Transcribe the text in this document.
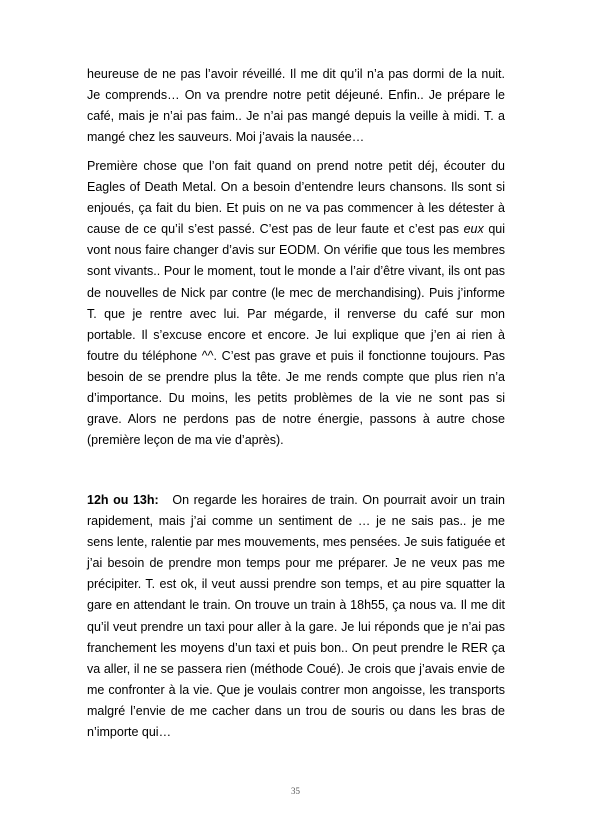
heureuse de ne pas l’avoir réveillé. Il me dit qu’il n’a pas dormi de la nuit. Je comprends… On va prendre notre petit déjeuné. Enfin.. Je prépare le café, mais je n’ai pas faim.. Je n’ai pas mangé depuis la veille à midi. T. a mangé chez les sauveurs. Moi j’avais la nausée…

Première chose que l’on fait quand on prend notre petit déj, écouter du Eagles of Death Metal. On a besoin d’entendre leurs chansons. Ils sont si enjoués, ça fait du bien. Et puis on ne va pas commencer à les détester à cause de ce qu’il s’est passé. C’est pas de leur faute et c’est pas eux qui vont nous faire changer d’avis sur EODM. On vérifie que tous les membres sont vivants.. Pour le moment, tout le monde a l’air d’être vivant, ils ont pas de nouvelles de Nick par contre (le mec de merchandising). Puis j’informe T. que je rentre avec lui. Par mégarde, il renverse du café sur mon portable. Il s’excuse encore et encore. Je lui explique que j’en ai rien à foutre du téléphone ^^. C’est pas grave et puis il fonctionne toujours. Pas besoin de se prendre plus la tête. Je me rends compte que plus rien n’a d’importance. Du moins, les petits problèmes de la vie ne sont pas si grave. Alors ne perdons pas de notre énergie, passons à autre chose (première leçon de ma vie d’après).

12h ou 13h: On regarde les horaires de train. On pourrait avoir un train rapidement, mais j’ai comme un sentiment de … je ne sais pas.. je me sens lente, ralentie par mes mouvements, mes pensées. Je suis fatiguée et j’ai besoin de prendre mon temps pour me préparer. Je ne veux pas me précipiter. T. est ok, il veut aussi prendre son temps, et au pire squatter la gare en attendant le train. On trouve un train à 18h55, ça nous va. Il me dit qu’il veut prendre un taxi pour aller à la gare. Je lui réponds que je n’ai pas franchement les moyens d’un taxi et puis bon.. On peut prendre le RER ça va aller, il ne se passera rien (méthode Coué). Je crois que j’avais envie de me confronter à la vie. Que je voulais contrer mon angoisse, les transports malgré l’envie de me cacher dans un trou de souris ou dans les bras de n’importe qui…

35
